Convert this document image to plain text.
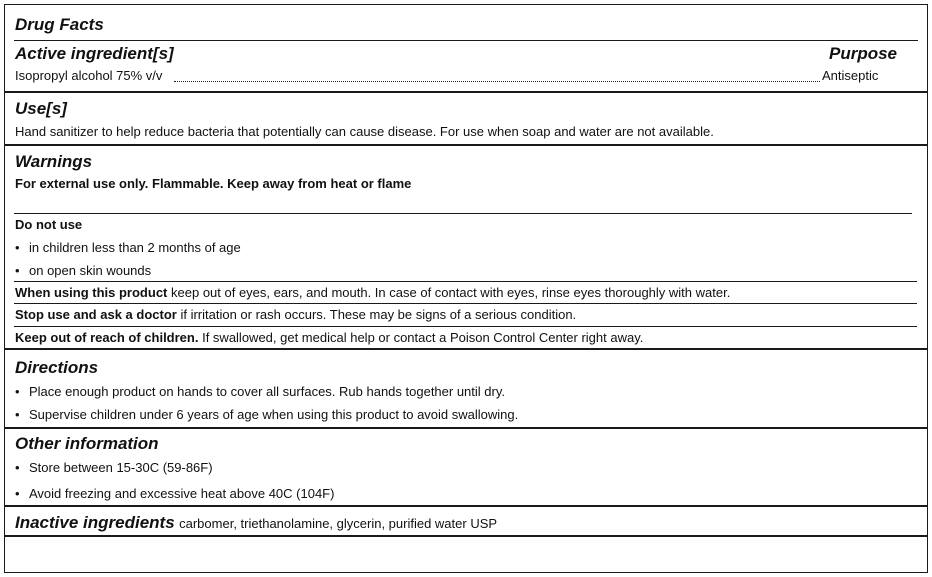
Drug Facts
Active ingredient[s]	Purpose
Isopropyl alcohol 75% v/v	Antiseptic
Use[s]
Hand sanitizer to help reduce bacteria that potentially can cause disease. For use when soap and water are not available.
Warnings
For external use only. Flammable. Keep away from heat or flame
Do not use
• in children less than 2 months of age
• on open skin wounds
When using this product keep out of eyes, ears, and mouth. In case of contact with eyes, rinse eyes thoroughly with water.
Stop use and ask a doctor if irritation or rash occurs. These may be signs of a serious condition.
Keep out of reach of children. If swallowed, get medical help or contact a Poison Control Center right away.
Directions
• Place enough product on hands to cover all surfaces. Rub hands together until dry.
• Supervise children under 6 years of age when using this product to avoid swallowing.
Other information
• Store between 15-30C (59-86F)
• Avoid freezing and excessive heat above 40C (104F)
Inactive ingredients carbomer, triethanolamine, glycerin, purified water USP
